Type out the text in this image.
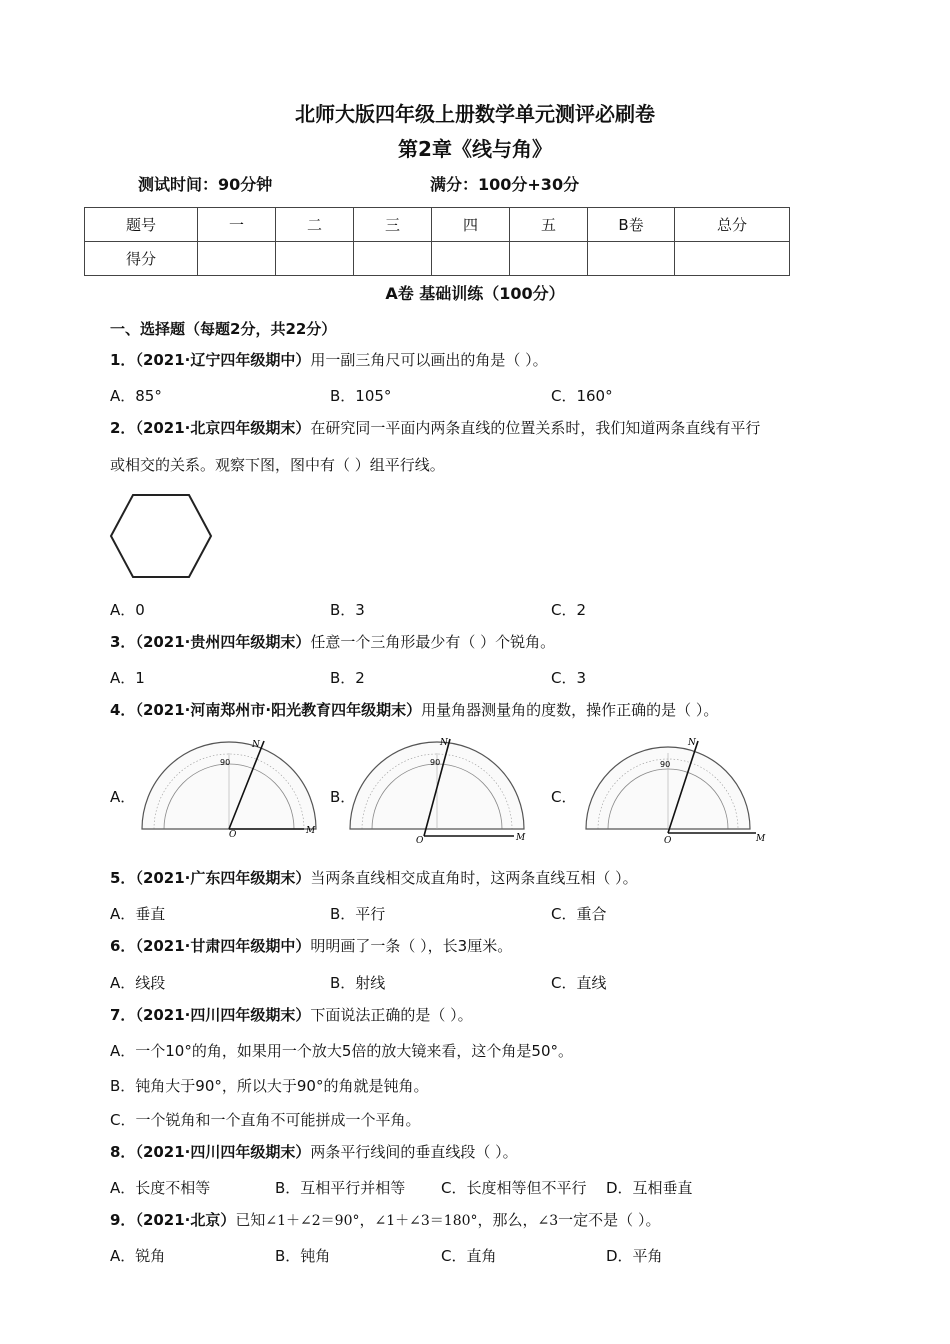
北师大版四年级上册数学单元测评必刷卷
第2章《线与角》
测试时间：90分钟	满分：100分+30分
题号	一	二	三	四	五	B卷	总分
得分							
A卷 基础训练（100分）
一、选择题（每题2分，共22分）
1．（2021·辽宁四年级期中）用一副三角尺可以画出的角是（ ）。
A．85°	B．105°	C．160°
2．（2021·北京四年级期末）在研究同一平面内两条直线的位置关系时，我们知道两条直线有平行
或相交的关系。观察下图，图中有（ ）组平行线。
A．0	B．3	C．2
3．（2021·贵州四年级期末）任意一个三角形最少有（ ）个锐角。
A．1	B．2	C．3
4．（2021·河南郑州市·阳光教育四年级期末）用量角器测量角的度数，操作正确的是（ ）。
A．	B．	C．
N
O	M
90
N
O	M
90
N
O	M
90
5．（2021·广东四年级期末）当两条直线相交成直角时，这两条直线互相（ ）。
A．垂直	B．平行	C．重合
6．（2021·甘肃四年级期中）明明画了一条（ ），长3厘米。
A．线段	B．射线	C．直线
7．（2021·四川四年级期末）下面说法正确的是（ ）。
A．一个10°的角，如果用一个放大5倍的放大镜来看，这个角是50°。
B．钝角大于90°，所以大于90°的角就是钝角。
C．一个锐角和一个直角不可能拼成一个平角。
8．（2021·四川四年级期末）两条平行线间的垂直线段（ ）。
A．长度不相等	B．互相平行并相等 C．长度相等但不平行 D．互相垂直
9．（2021·北京）已知∠1＋∠2＝90°，∠1＋∠3＝180°，那么，∠3一定不是（ ）。
A．锐角	B．钝角	C．直角	D．平角
